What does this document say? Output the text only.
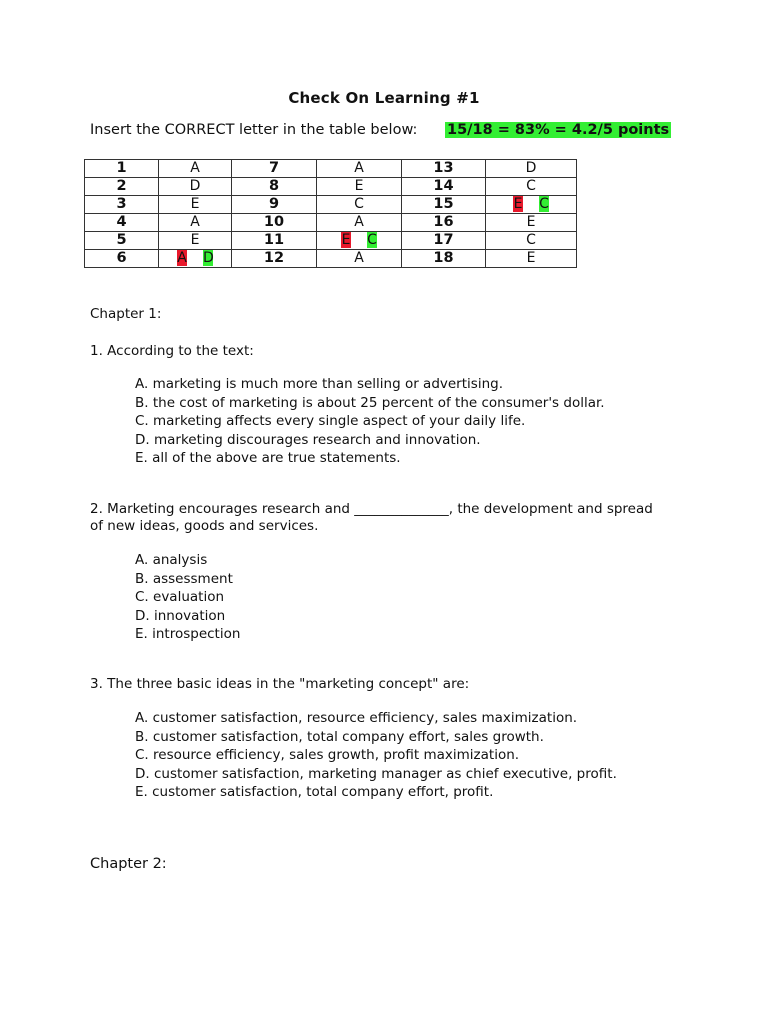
Check On Learning #1
Insert the CORRECT letter in the table below: 15/18 = 83% = 4.2/5 points
1	A	7	A	13	D
2	D	8	E	14	C
3	E	9	C	15	E C
4	A	10	A	16	E
5	E	11	E C	17	C
6	A D	12	A	18	E
Chapter 1:
1. According to the text:
A. marketing is much more than selling or advertising.
B. the cost of marketing is about 25 percent of the consumer's dollar.
C. marketing affects every single aspect of your daily life.
D. marketing discourages research and innovation.
E. all of the above are true statements.
2. Marketing encourages research and ______________, the development and spread
of new ideas, goods and services.
A. analysis
B. assessment
C. evaluation
D. innovation
E. introspection
3. The three basic ideas in the "marketing concept" are:
A. customer satisfaction, resource efficiency, sales maximization.
B. customer satisfaction, total company effort, sales growth.
C. resource efficiency, sales growth, profit maximization.
D. customer satisfaction, marketing manager as chief executive, profit.
E. customer satisfaction, total company effort, profit.
Chapter 2:
